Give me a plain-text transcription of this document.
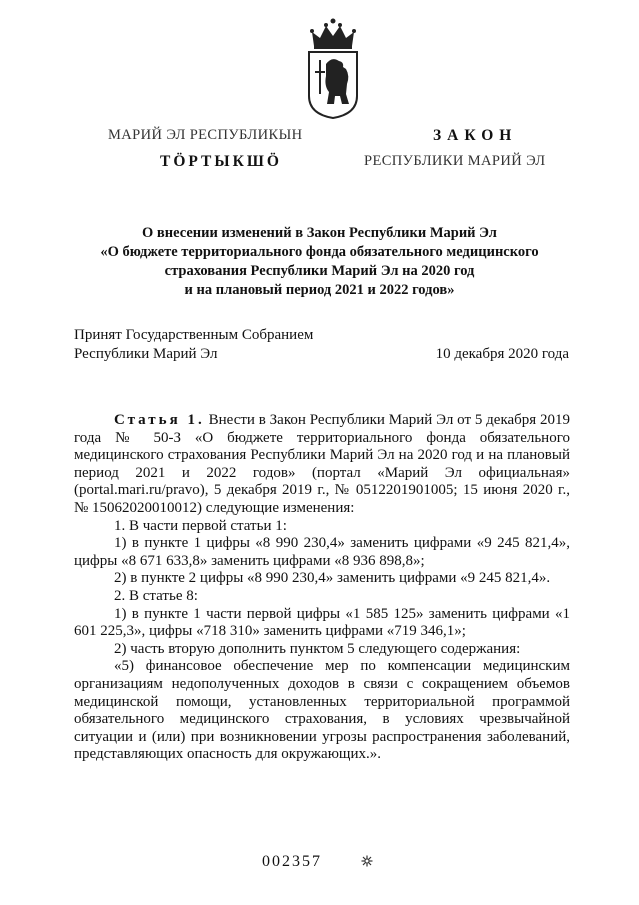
МАРИЙ ЭЛ РЕСПУБЛИКЫН
ТӦРТЫКШӦ
ЗАКОН
РЕСПУБЛИКИ МАРИЙ ЭЛ
О внесении изменений в Закон Республики Марий Эл
«О бюджете территориального фонда обязательного медицинского
страхования Республики Марий Эл на 2020 год
и на плановый период 2021 и 2022 годов»
Принят Государственным Собранием
Республики Марий Эл	10 декабря 2020 года
Статья 1. Внести в Закон Республики Марий Эл от 5 декабря 2019 года № 50-З «О бюджете территориального фонда обязательного медицинского страхования Республики Марий Эл на 2020 год и на плановый период 2021 и 2022 годов» (портал «Марий Эл официальная» (portal.mari.ru/pravo), 5 декабря 2019 г., № 0512201901005; 15 июня 2020 г., № 15062020010012) следующие изменения:
1. В части первой статьи 1:
1) в пункте 1 цифры «8 990 230,4» заменить цифрами «9 245 821,4», цифры «8 671 633,8» заменить цифрами «8 936 898,8»;
2) в пункте 2 цифры «8 990 230,4» заменить цифрами «9 245 821,4».
2. В статье 8:
1) в пункте 1 части первой цифры «1 585 125» заменить цифрами «1 601 225,3», цифры «718 310» заменить цифрами «719 346,1»;
2) часть вторую дополнить пунктом 5 следующего содержания:
«5) финансовое обеспечение мер по компенсации медицинским организациям недополученных доходов в связи с сокращением объемов медицинской помощи, установленных территориальной программой обязательного медицинского страхования, в условиях чрезвычайной ситуации и (или) при возникновении угрозы распространения заболеваний, представляющих опасность для окружающих.».
002357
